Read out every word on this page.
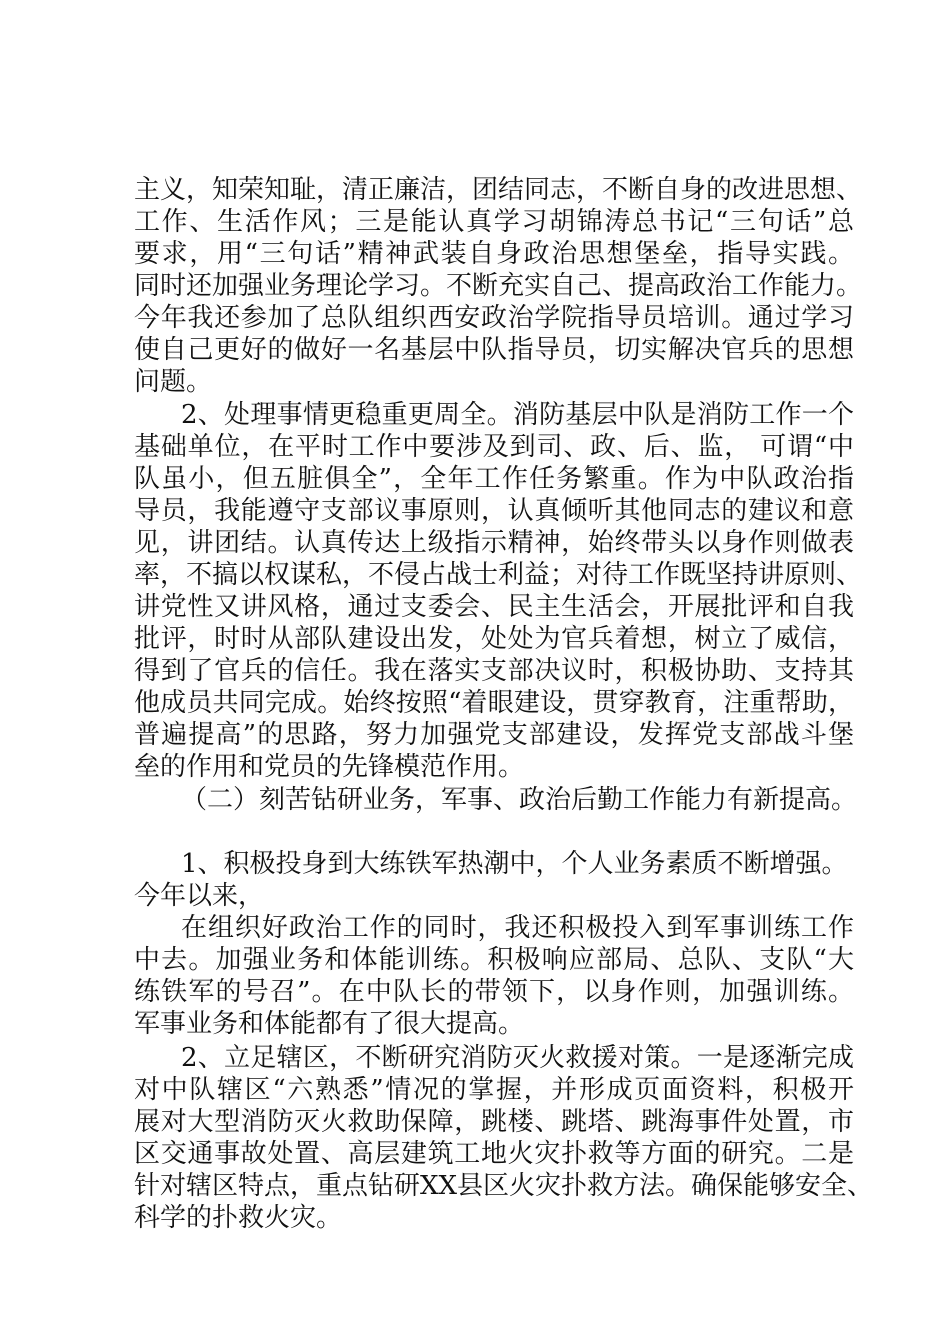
主义，知荣知耻，清正廉洁，团结同志，不断自身的改进思想、
工作、生活作风；三是能认真学习胡锦涛总书记“三句话”总
要求，用“三句话”精神武装自身政治思想堡垒，指导实践。
同时还加强业务理论学习。不断充实自己、提高政治工作能力。
今年我还参加了总队组织西安政治学院指导员培训。通过学习
使自己更好的做好一名基层中队指导员，切实解决官兵的思想
问题。
2、处理事情更稳重更周全。消防基层中队是消防工作一个
基础单位，在平时工作中要涉及到司、政、后、监， 可谓“中
队虽小，但五脏俱全”，全年工作任务繁重。作为中队政治指
导员，我能遵守支部议事原则，认真倾听其他同志的建议和意
见，讲团结。认真传达上级指示精神，始终带头以身作则做表
率，不搞以权谋私，不侵占战士利益；对待工作既坚持讲原则、
讲党性又讲风格，通过支委会、民主生活会，开展批评和自我
批评，时时从部队建设出发，处处为官兵着想，树立了威信，
得到了官兵的信任。我在落实支部决议时，积极协助、支持其
他成员共同完成。始终按照“着眼建设，贯穿教育，注重帮助，
普遍提高”的思路，努力加强党支部建设，发挥党支部战斗堡
垒的作用和党员的先锋模范作用。
（二）刻苦钻研业务，军事、政治后勤工作能力有新提高。
1、积极投身到大练铁军热潮中，个人业务素质不断增强。
今年以来，
在组织好政治工作的同时，我还积极投入到军事训练工作
中去。加强业务和体能训练。积极响应部局、总队、支队“大
练铁军的号召”。在中队长的带领下，以身作则，加强训练。
军事业务和体能都有了很大提高。
2、立足辖区，不断研究消防灭火救援对策。一是逐渐完成
对中队辖区“六熟悉”情况的掌握，并形成页面资料，积极开
展对大型消防灭火救助保障，跳楼、跳塔、跳海事件处置，市
区交通事故处置、高层建筑工地火灾扑救等方面的研究。二是
针对辖区特点，重点钻研XX县区火灾扑救方法。确保能够安全、
科学的扑救火灾。
